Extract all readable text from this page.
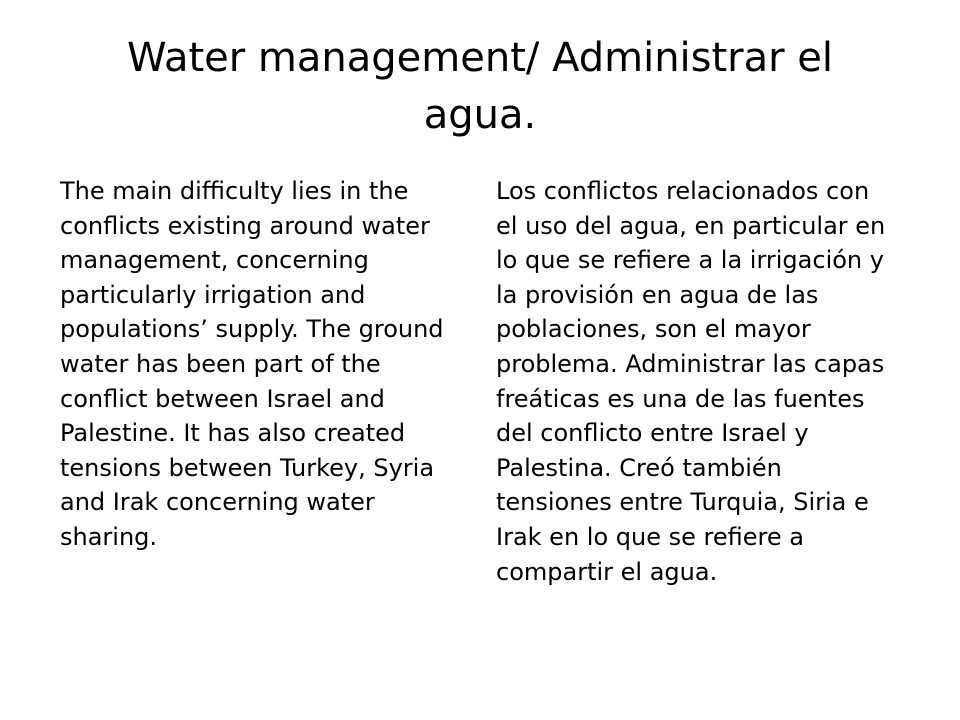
Water management/ Administrar el agua.

The main difficulty lies in the conflicts existing around water management, concerning particularly irrigation and populations’ supply. The ground water has been part of the conflict between Israel and Palestine. It has also created tensions between Turkey, Syria and Irak concerning water sharing.

Los conflictos relacionados con el uso del agua, en particular en lo que se refiere a la irrigación y la provisión en agua de las poblaciones, son el mayor problema. Administrar las capas freáticas es una de las fuentes del conflicto entre Israel y Palestina. Creó también tensiones entre Turquia, Siria e Irak en lo que se refiere a compartir el agua.
